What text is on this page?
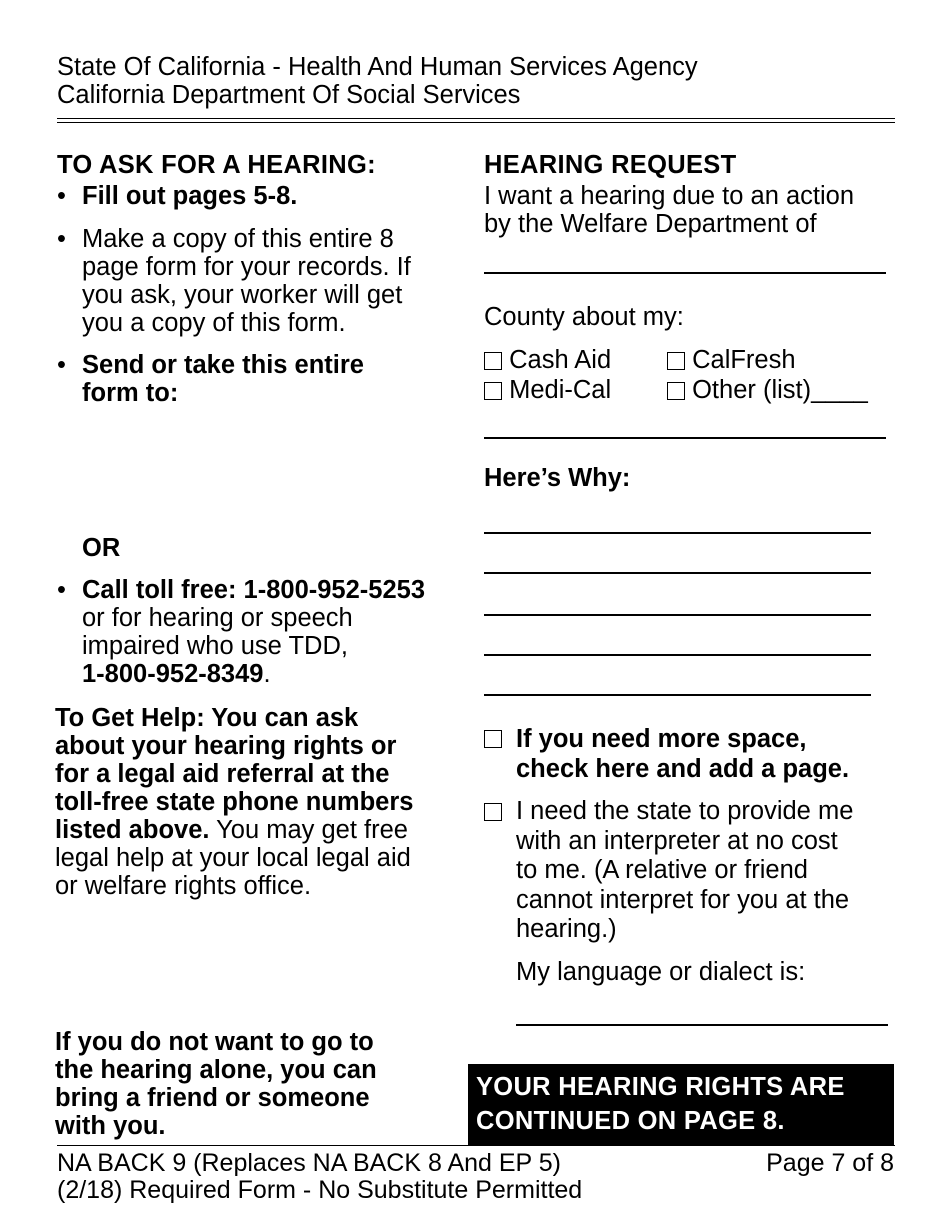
State Of California - Health And Human Services Agency
California Department Of Social Services
TO ASK FOR A HEARING:
• Fill out pages 5-8.
• Make a copy of this entire 8
page form for your records. If
you ask, your worker will get
you a copy of this form.
• Send or take this entire
form to:
OR
• Call toll free: 1-800-952-5253
or for hearing or speech
impaired who use TDD,
1-800-952-8349.
To Get Help: You can ask
about your hearing rights or
for a legal aid referral at the
toll-free state phone numbers
listed above. You may get free
legal help at your local legal aid
or welfare rights office.
If you do not want to go to
the hearing alone, you can
bring a friend or someone
with you.
HEARING REQUEST
I want a hearing due to an action
by the Welfare Department of
County about my:
Cash Aid	CalFresh
Medi-Cal	Other (list)____
Here’s Why:
If you need more space,
check here and add a page.
I need the state to provide me
with an interpreter at no cost
to me. (A relative or friend
cannot interpret for you at the
hearing.)
My language or dialect is:
YOUR HEARING RIGHTS ARE
CONTINUED ON PAGE 8.
NA BACK 9 (Replaces NA BACK 8 And EP 5)
(2/18) Required Form - No Substitute Permitted
Page 7 of 8
